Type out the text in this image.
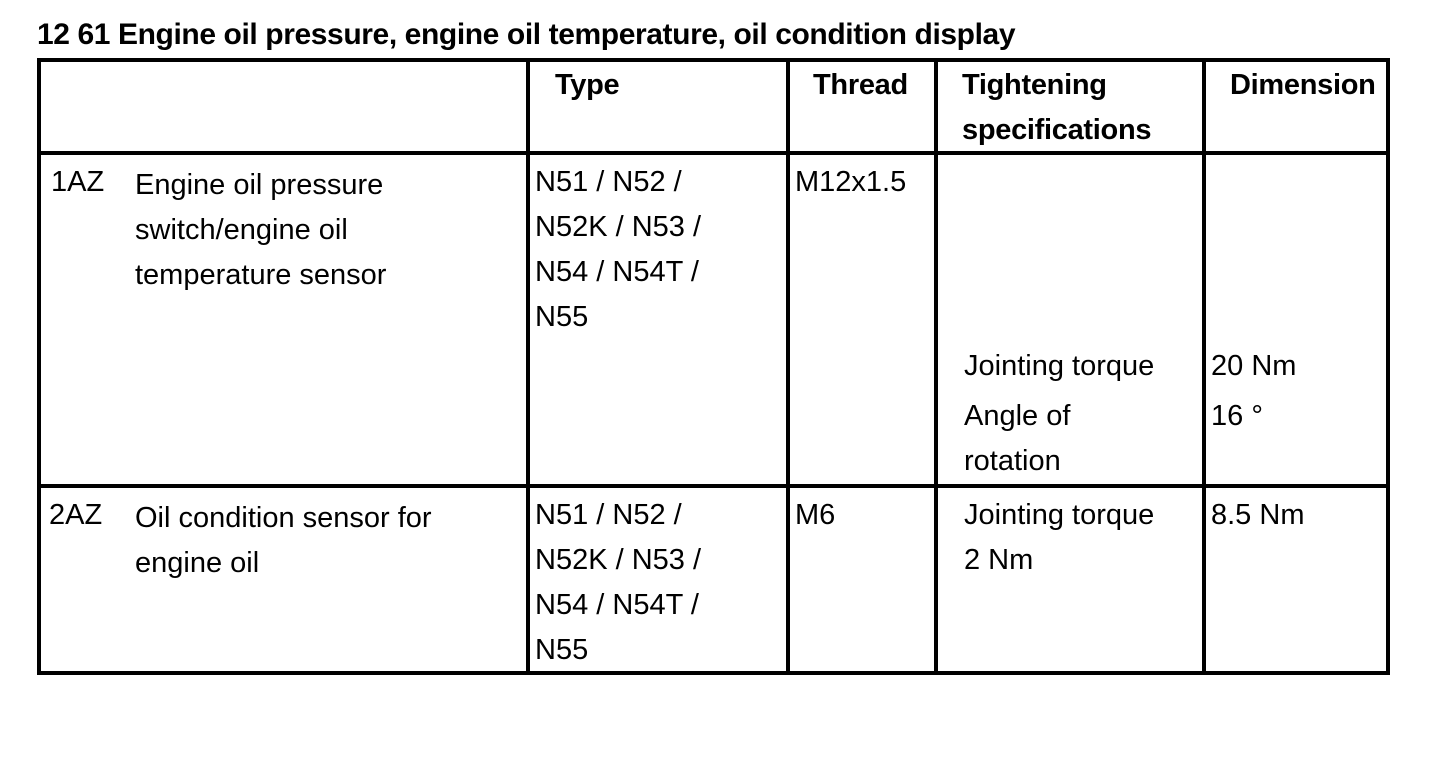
12 61 Engine oil pressure, engine oil temperature, oil condition display
Type	Thread Tightening
specifications
Dimension
1AZ Engine oil pressure
switch/engine oil
temperature sensor
N51 / N52 /
N52K / N53 /
N54 / N54T /
N55
M12x1.5
Jointing torque 20 Nm
Angle of
rotation
16 °
2AZ Oil condition sensor for
engine oil
N51 / N52 /
N52K / N53 /
N54 / N54T /
N55
M6	Jointing torque
2 Nm
8.5 Nm
